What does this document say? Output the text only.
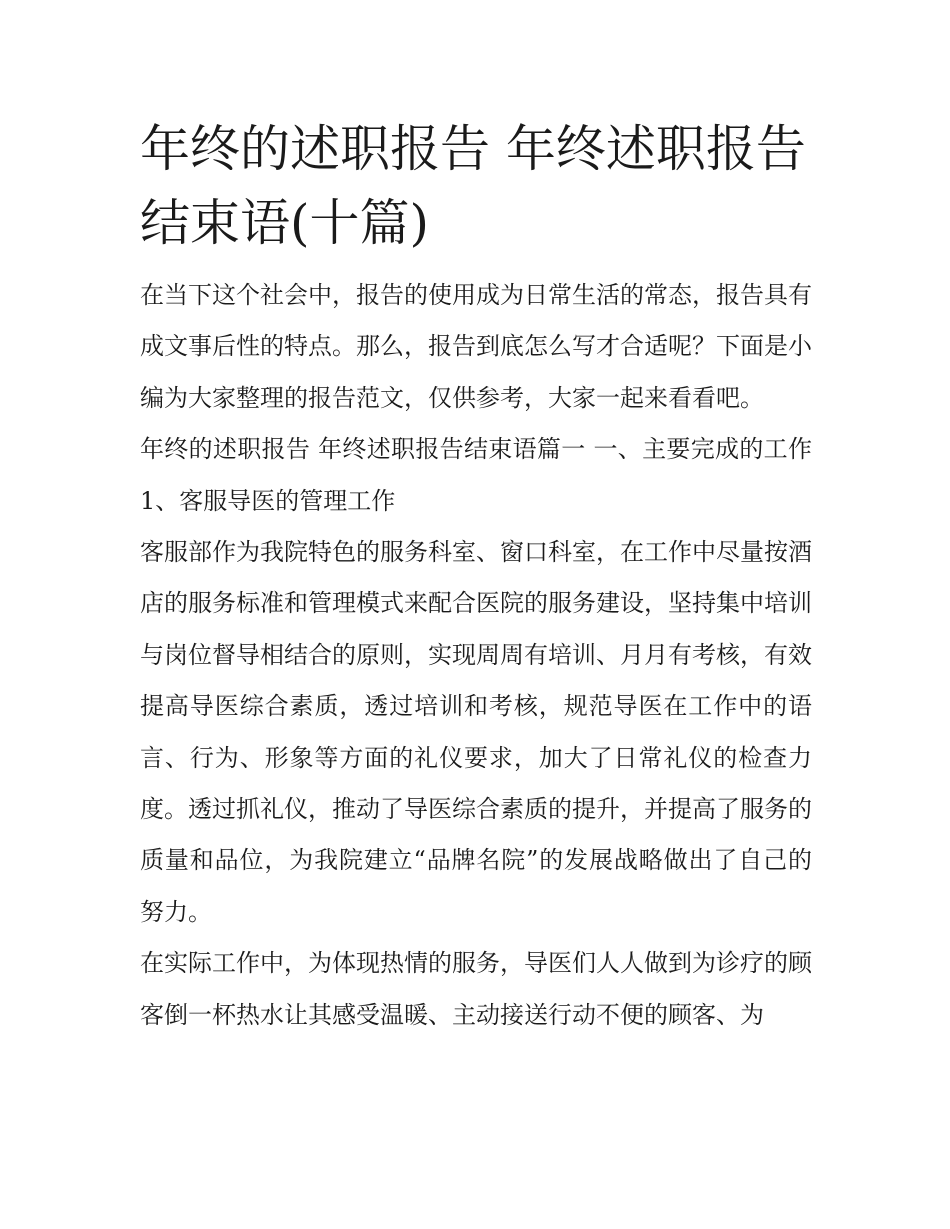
年终的述职报告 年终述职报告结束语(十篇)

在当下这个社会中，报告的使用成为日常生活的常态，报告具有成文事后性的特点。那么，报告到底怎么写才合适呢？下面是小编为大家整理的报告范文，仅供参考，大家一起来看看吧。

年终的述职报告 年终述职报告结束语篇一 一、主要完成的工作 1、客服导医的管理工作

客服部作为我院特色的服务科室、窗口科室，在工作中尽量按酒店的服务标准和管理模式来配合医院的服务建设，坚持集中培训与岗位督导相结合的原则，实现周周有培训、月月有考核，有效提高导医综合素质，透过培训和考核，规范导医在工作中的语言、行为、形象等方面的礼仪要求，加大了日常礼仪的检查力度。透过抓礼仪，推动了导医综合素质的提升，并提高了服务的质量和品位，为我院建立“品牌名院”的发展战略做出了自己的努力。

在实际工作中，为体现热情的服务，导医们人人做到为诊疗的顾客倒一杯热水让其感受温暖、主动接送行动不便的顾客、为
